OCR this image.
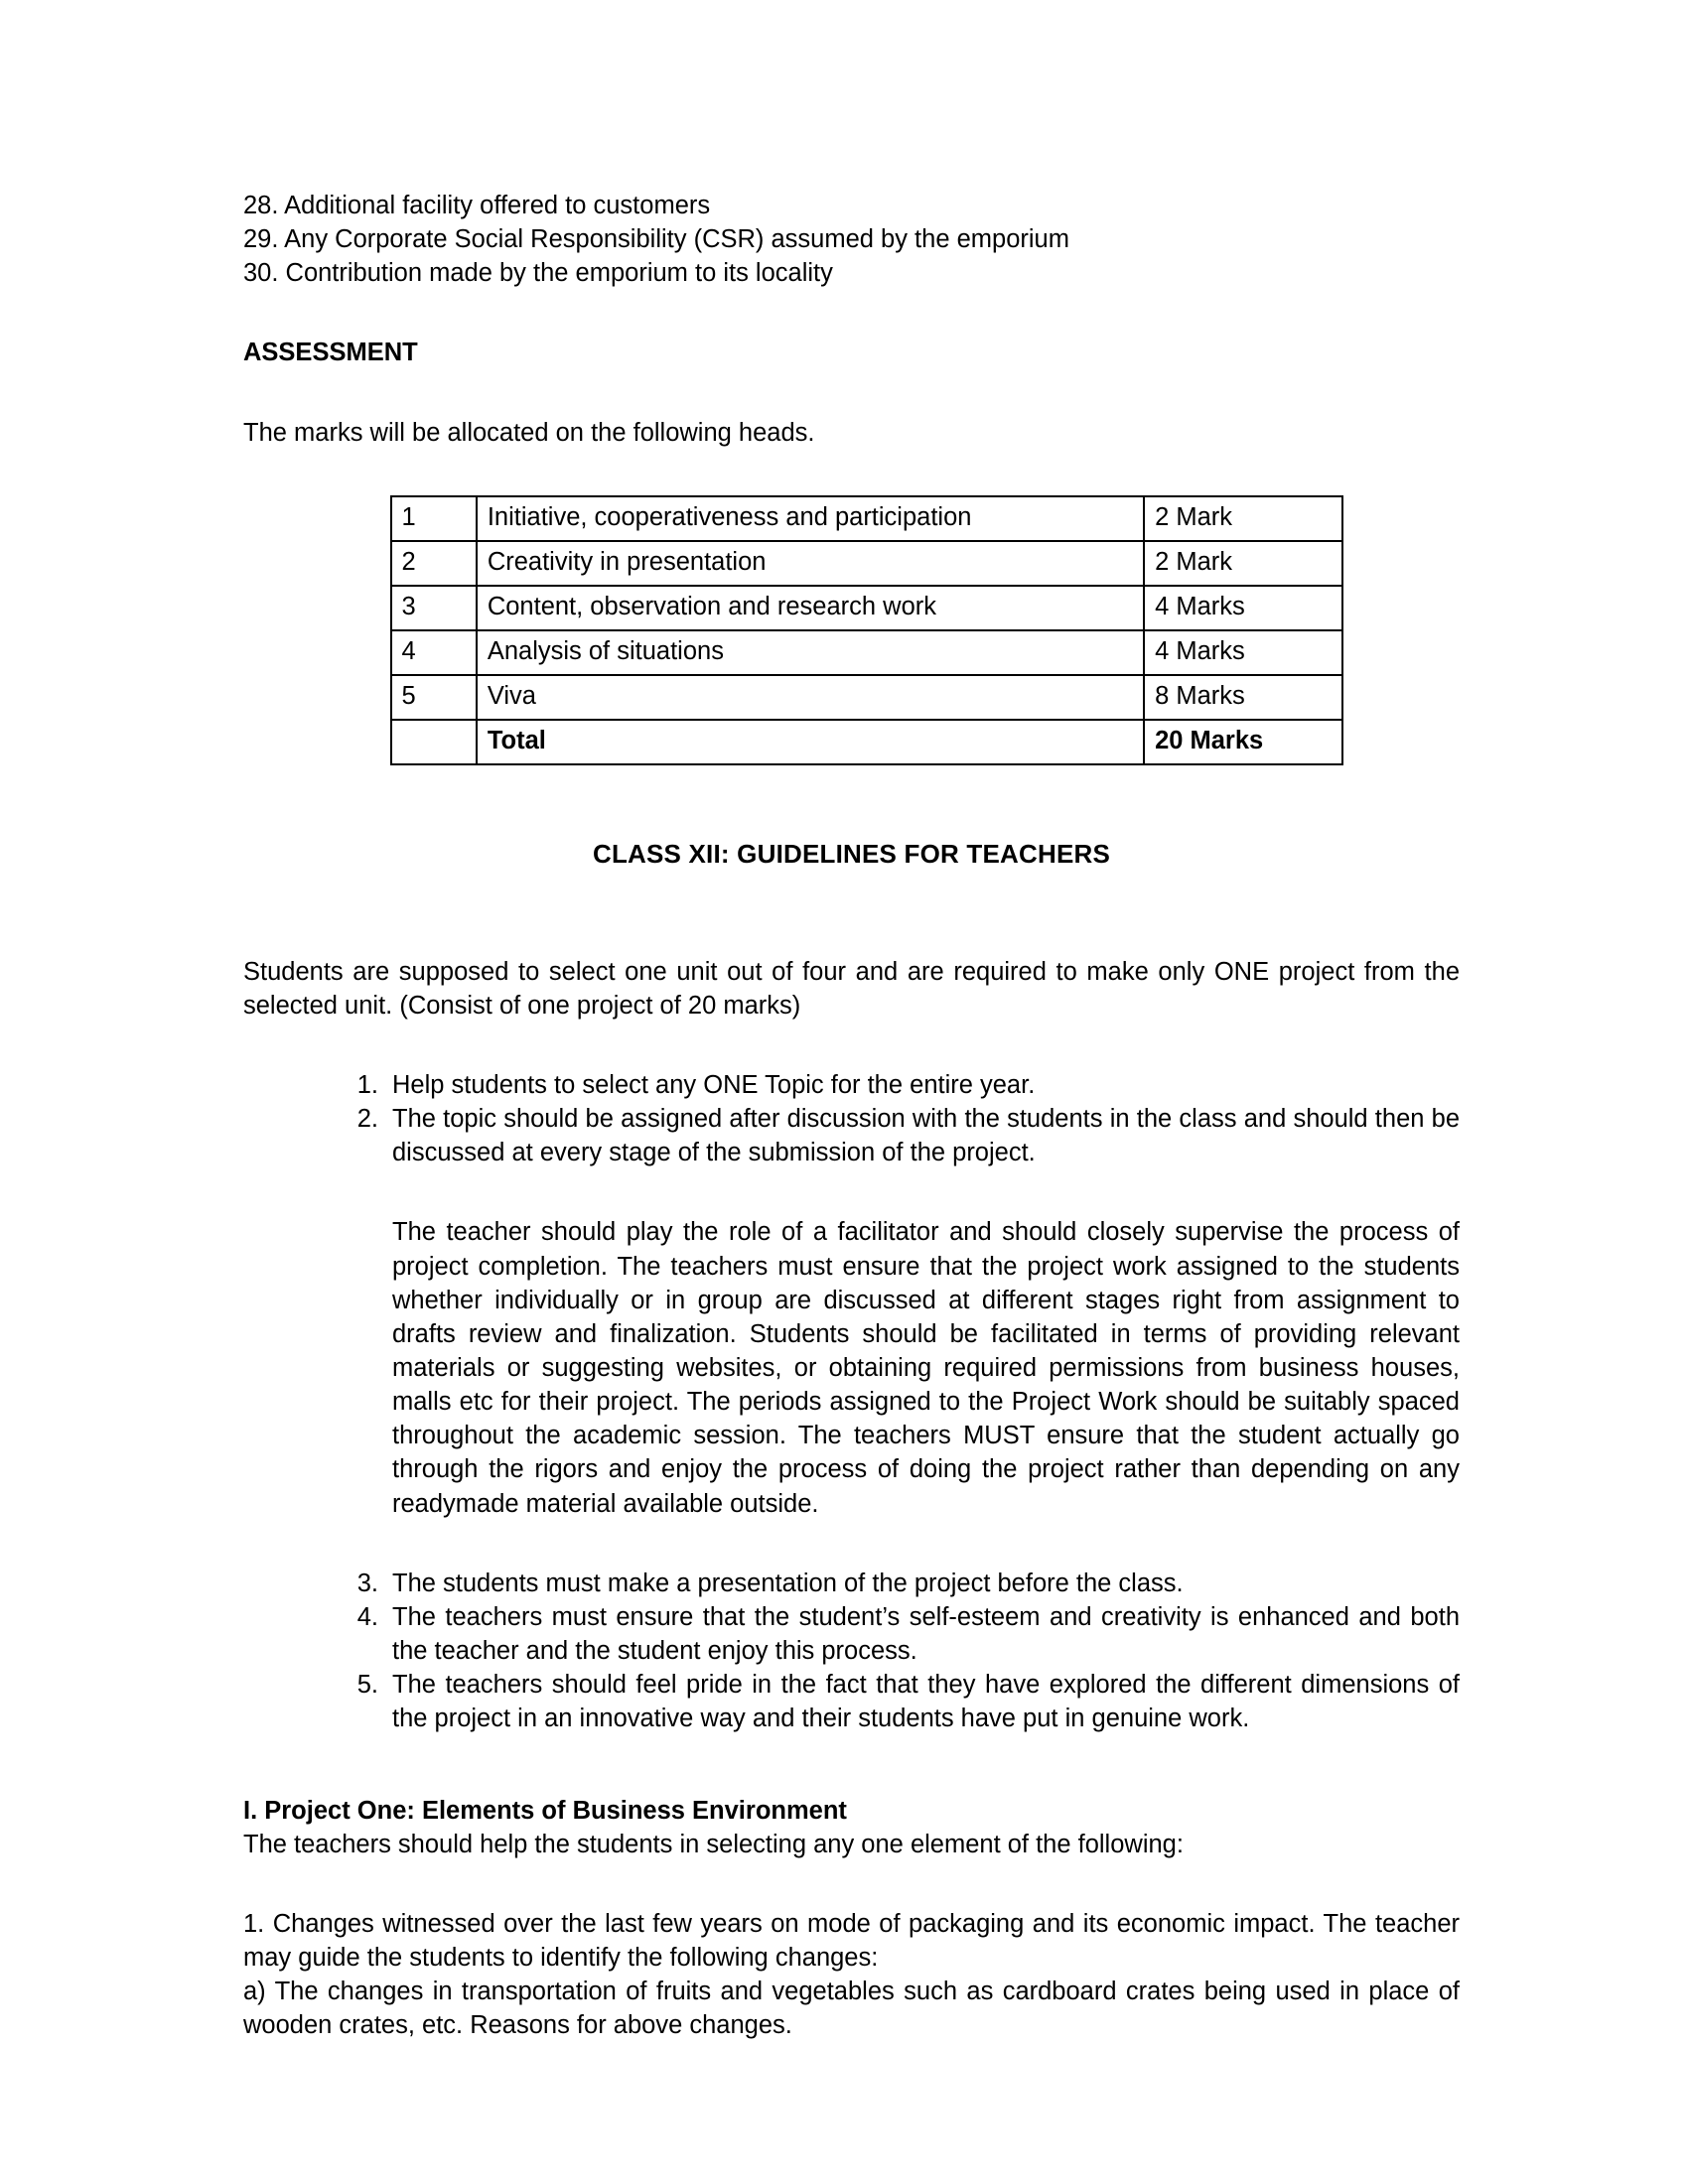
28. Additional facility offered to customers
29. Any Corporate Social Responsibility (CSR) assumed by the emporium
30. Contribution made by the emporium to its locality

ASSESSMENT

The marks will be allocated on the following heads.

1	Initiative, cooperativeness and participation	2 Mark
2	Creativity in presentation	2 Mark
3	Content, observation and research work	4 Marks
4	Analysis of situations	4 Marks
5	Viva	8 Marks
	Total	20 Marks

CLASS XII: GUIDELINES FOR TEACHERS

Students are supposed to select one unit out of four and are required to make only ONE project from the selected unit. (Consist of one project of 20 marks)

Help students to select any ONE Topic for the entire year.
The topic should be assigned after discussion with the students in the class and should then be discussed at every stage of the submission of the project.

The teacher should play the role of a facilitator and should closely supervise the process of project completion. The teachers must ensure that the project work assigned to the students whether individually or in group are discussed at different stages right from assignment to drafts review and finalization. Students should be facilitated in terms of providing relevant materials or suggesting websites, or obtaining required permissions from business houses, malls etc for their project. The periods assigned to the Project Work should be suitably spaced throughout the academic session. The teachers MUST ensure that the student actually go through the rigors and enjoy the process of doing the project rather than depending on any readymade material available outside.

The students must make a presentation of the project before the class.
The teachers must ensure that the student’s self-esteem and creativity is enhanced and both the teacher and the student enjoy this process.
The teachers should feel pride in the fact that they have explored the different dimensions of the project in an innovative way and their students have put in genuine work.

I. Project One: Elements of Business Environment

The teachers should help the students in selecting any one element of the following:

1. Changes witnessed over the last few years on mode of packaging and its economic impact. The teacher may guide the students to identify the following changes:

a) The changes in transportation of fruits and vegetables such as cardboard crates being used in place of wooden crates, etc. Reasons for above changes.
